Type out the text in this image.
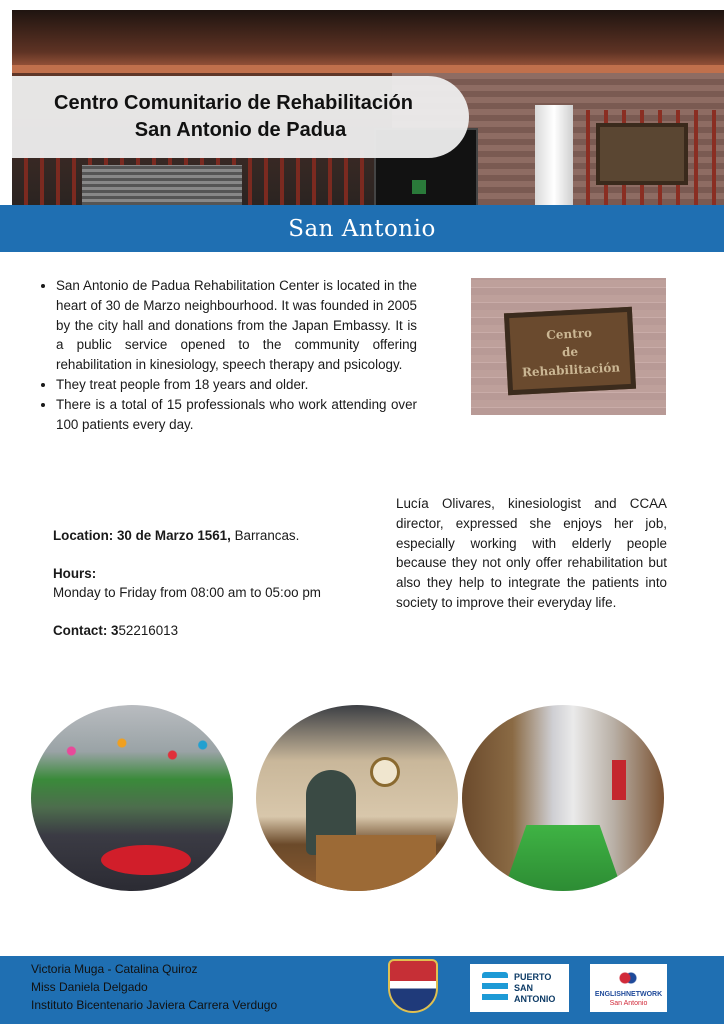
Centro Comunitario de Rehabilitación
San Antonio de Padua
San Antonio
• San Antonio de Padua Rehabilitation Center is located in the heart of 30 de Marzo neighbourhood. It was founded in 2005 by the city hall and donations from the Japan Embassy. It is a public service opened to the community offering rehabilitation in kinesiology, speech therapy and psicology.
• They treat people from 18 years and older.
• There is a total of 15 professionals who work attending over 100 patients every day.
Centro
de
Rehabilitación

Location: 30 de Marzo 1561, Barrancas.

Hours:

Monday to Friday from 08:00 am to 05:oo pm

Contact: 352216013

Lucía Olivares, kinesiologist and CCAA director, expressed she enjoys her job, especially working with elderly people because they not only offer rehabilitation but also they help to integrate the patients into society to improve their everyday life.

Victoria Muga - Catalina Quiroz
Miss Daniela Delgado
Instituto Bicentenario Javiera Carrera Verdugo
PUERTO
SAN
ANTONIO	ENGLISHNETWORK
San Antonio
